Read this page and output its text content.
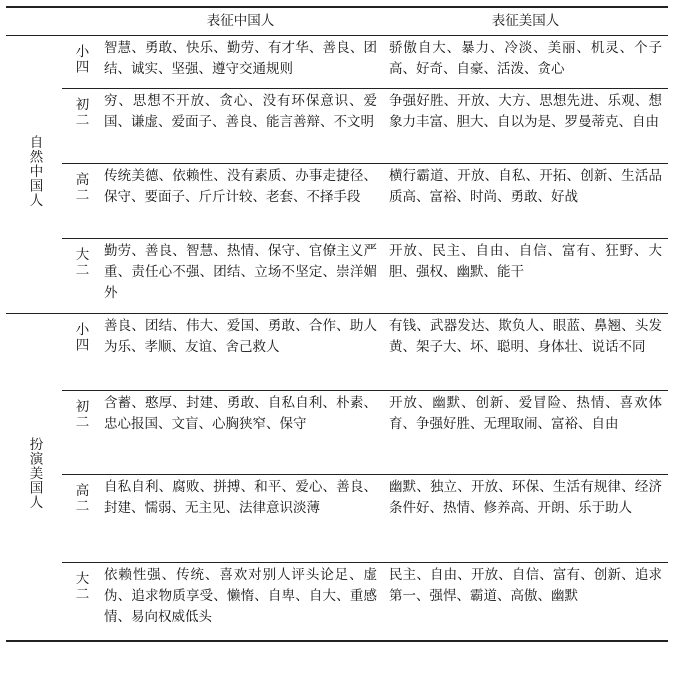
		表征中国人	表征美国人
自然中国人	小四	智慧、勇敢、快乐、勤劳、有才华、善良、团结、诚实、坚强、遵守交通规则	骄傲自大、暴力、冷淡、美丽、机灵、个子高、好奇、自豪、活泼、贪心
	初二	穷、思想不开放、贪心、没有环保意识、爱国、谦虚、爱面子、善良、能言善辩、不文明	争强好胜、开放、大方、思想先进、乐观、想象力丰富、胆大、自以为是、罗曼蒂克、自由
	高二	传统美德、依赖性、没有素质、办事走捷径、保守、要面子、斤斤计较、老套、不择手段	横行霸道、开放、自私、开拓、创新、生活品质高、富裕、时尚、勇敢、好战
	大二	勤劳、善良、智慧、热情、保守、官僚主义严重、责任心不强、团结、立场不坚定、崇洋媚外	开放、民主、自由、自信、富有、狂野、大胆、强权、幽默、能干
扮演美国人	小四	善良、团结、伟大、爱国、勇敢、合作、助人为乐、孝顺、友谊、舍己救人	有钱、武器发达、欺负人、眼蓝、鼻翘、头发黄、架子大、坏、聪明、身体壮、说话不同
	初二	含蓄、憨厚、封建、勇敢、自私自利、朴素、忠心报国、文盲、心胸狭窄、保守	开放、幽默、创新、爱冒险、热情、喜欢体育、争强好胜、无理取闹、富裕、自由
	高二	自私自利、腐败、拼搏、和平、爱心、善良、封建、懦弱、无主见、法律意识淡薄	幽默、独立、开放、环保、生活有规律、经济条件好、热情、修养高、开朗、乐于助人
	大二	依赖性强、传统、喜欢对别人评头论足、虚伪、追求物质享受、懒惰、自卑、自大、重感情、易向权威低头	民主、自由、开放、自信、富有、创新、追求第一、强悍、霸道、高傲、幽默
